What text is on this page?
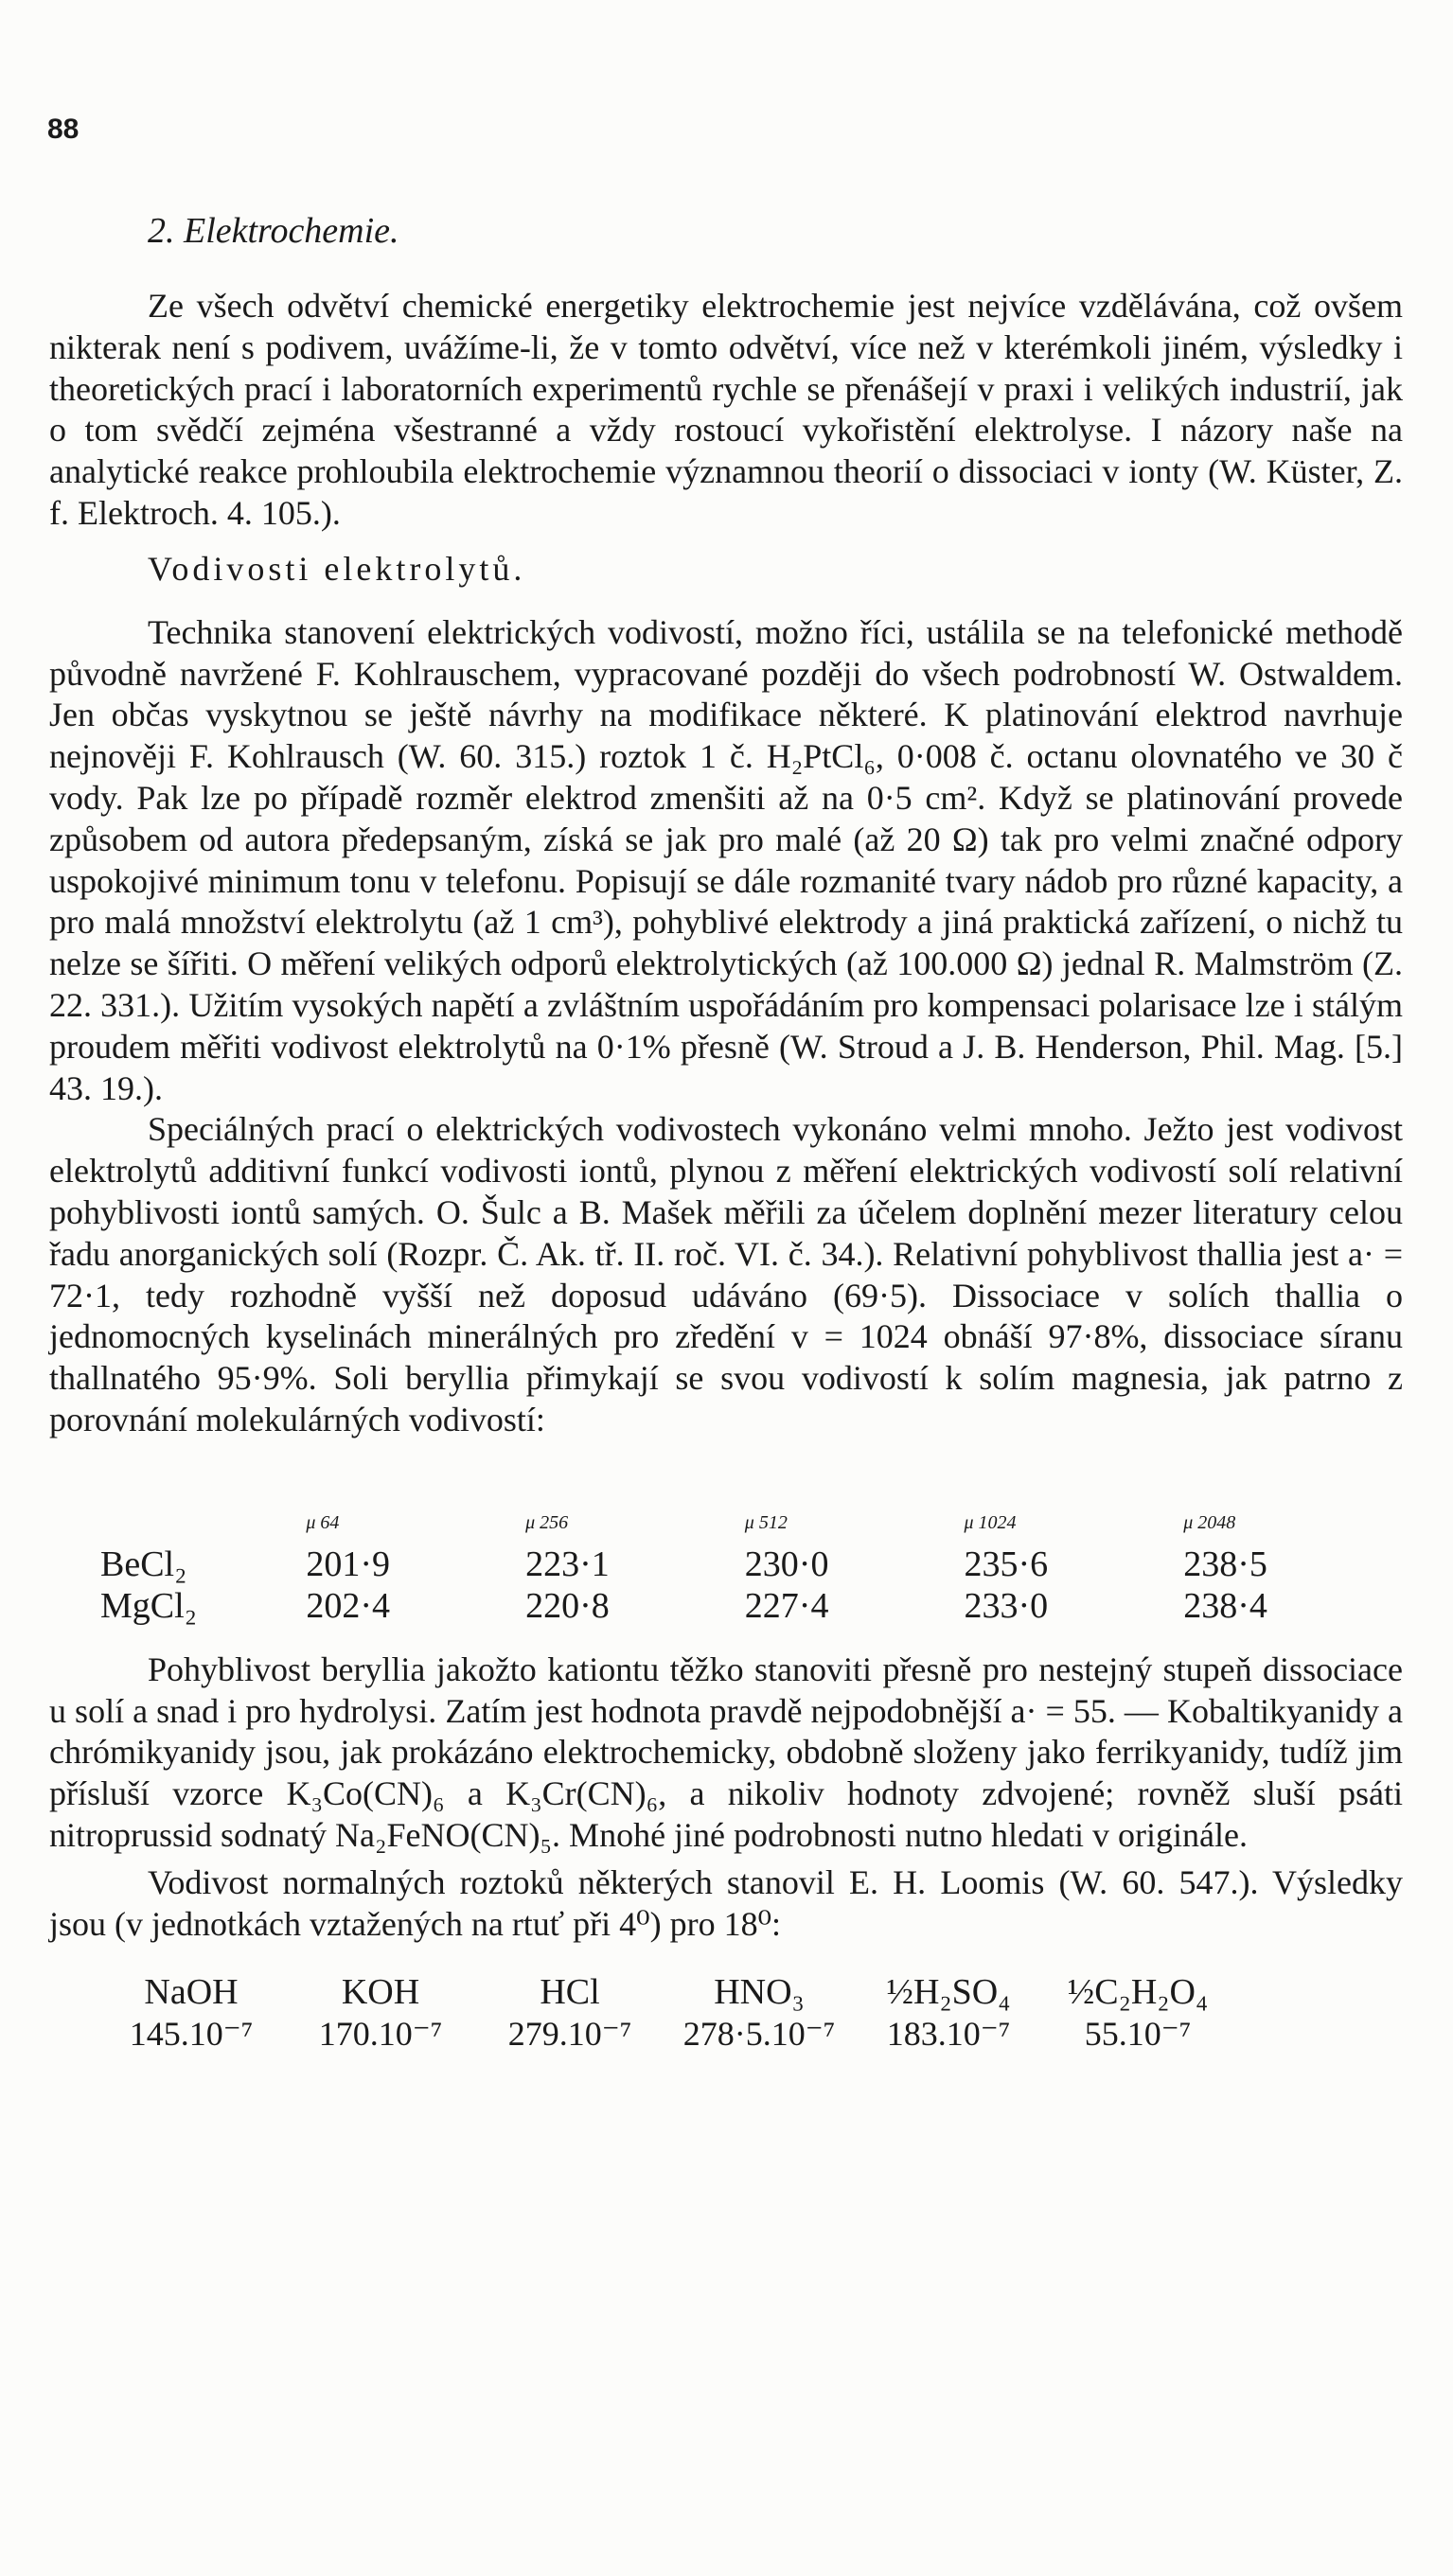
88
2. Elektrochemie.

Ze všech odvětví chemické energetiky elektrochemie jest nejvíce vzdělávána, což ovšem nikterak není s podivem, uvážíme-li, že v tomto odvětví, více než v kterémkoli jiném, výsledky i theoretických prací i laboratorních experimentů rychle se přenášejí v praxi i velikých industrií, jak o tom svědčí zejména všestranné a vždy rostoucí vykořistění elektrolyse. I názory naše na analytické reakce prohloubila elektrochemie významnou theorií o dissociaci v ionty (W. Küster, Z. f. Elektroch. 4. 105.).

Vodivosti elektrolytů.

Technika stanovení elektrických vodivostí, možno říci, ustálila se na telefonické methodě původně navržené F. Kohlrauschem, vypracované později do všech podrobností W. Ostwaldem. Jen občas vyskytnou se ještě návrhy na modifikace některé. K platinování elektrod navrhuje nejnověji F. Kohlrausch (W. 60. 315.) roztok 1 č. H₂PtCl₆, 0·008 č. octanu olovnatého ve 30 č vody. Pak lze po případě rozměr elektrod zmenšiti až na 0·5 cm². Když se platinování provede způsobem od autora předepsaným, získá se jak pro malé (až 20 Ω) tak pro velmi značné odpory uspokojivé minimum tonu v telefonu. Popisují se dále rozmanité tvary nádob pro různé kapacity, a pro malá množství elektrolytu (až 1 cm³), pohyblivé elektrody a jiná praktická zařízení, o nichž tu nelze se šířiti. O měření velikých odporů elektrolytických (až 100.000 Ω) jednal R. Malmström (Z. 22. 331.). Užitím vysokých napětí a zvláštním uspořádáním pro kompensaci polarisace lze i stálým proudem měřiti vodivost elektrolytů na 0·1% přesně (W. Stroud a J. B. Henderson, Phil. Mag. [5.] 43. 19.).

Speciálných prací o elektrických vodivostech vykonáno velmi mnoho. Ježto jest vodivost elektrolytů additivní funkcí vodivosti iontů, plynou z měření elektrických vodivostí solí relativní pohyblivosti iontů samých. O. Šulc a B. Mašek měřili za účelem doplnění mezer literatury celou řadu anorganických solí (Rozpr. Č. Ak. tř. II. roč. VI. č. 34.). Relativní pohyblivost thallia jest a· = 72·1, tedy rozhodně vyšší než doposud udáváno (69·5). Dissociace v solích thallia o jednomocných kyselinách minerálných pro zředění v = 1024 obnáší 97·8%, dissociace síranu thallnatého 95·9%. Soli beryllia přimykají se svou vodivostí k solím magnesia, jak patrno z porovnání molekulárných vodivostí:

	μ 64	μ 256	μ 512	μ 1024	μ 2048
BeCl₂	201·9	223·1	230·0	235·6	238·5
MgCl₂	202·4	220·8	227·4	233·0	238·4

Pohyblivost beryllia jakožto kationtu těžko stanoviti přesně pro nestejný stupeň dissociace u solí a snad i pro hydrolysi. Zatím jest hodnota pravdě nejpodobnější a· = 55. — Kobaltikyanidy a chrómikyanidy jsou, jak prokázáno elektrochemicky, obdobně složeny jako ferrikyanidy, tudíž jim přísluší vzorce K₃Co(CN)₆ a K₃Cr(CN)₆, a nikoliv hodnoty zdvojené; rovněž sluší psáti nitroprussid sodnatý Na₂FeNO(CN)₅. Mnohé jiné podrobnosti nutno hledati v originále.

Vodivost normalných roztoků některých stanovil E. H. Loomis (W. 60. 547.). Výsledky jsou (v jednotkách vztažených na rtuť při 4⁰) pro 18⁰:

NaOH	KOH	HCl	HNO₃	½H₂SO₄	½C₂H₂O₄
145.10⁻⁷	170.10⁻⁷	279.10⁻⁷	278·5.10⁻⁷	183.10⁻⁷	55.10⁻⁷
